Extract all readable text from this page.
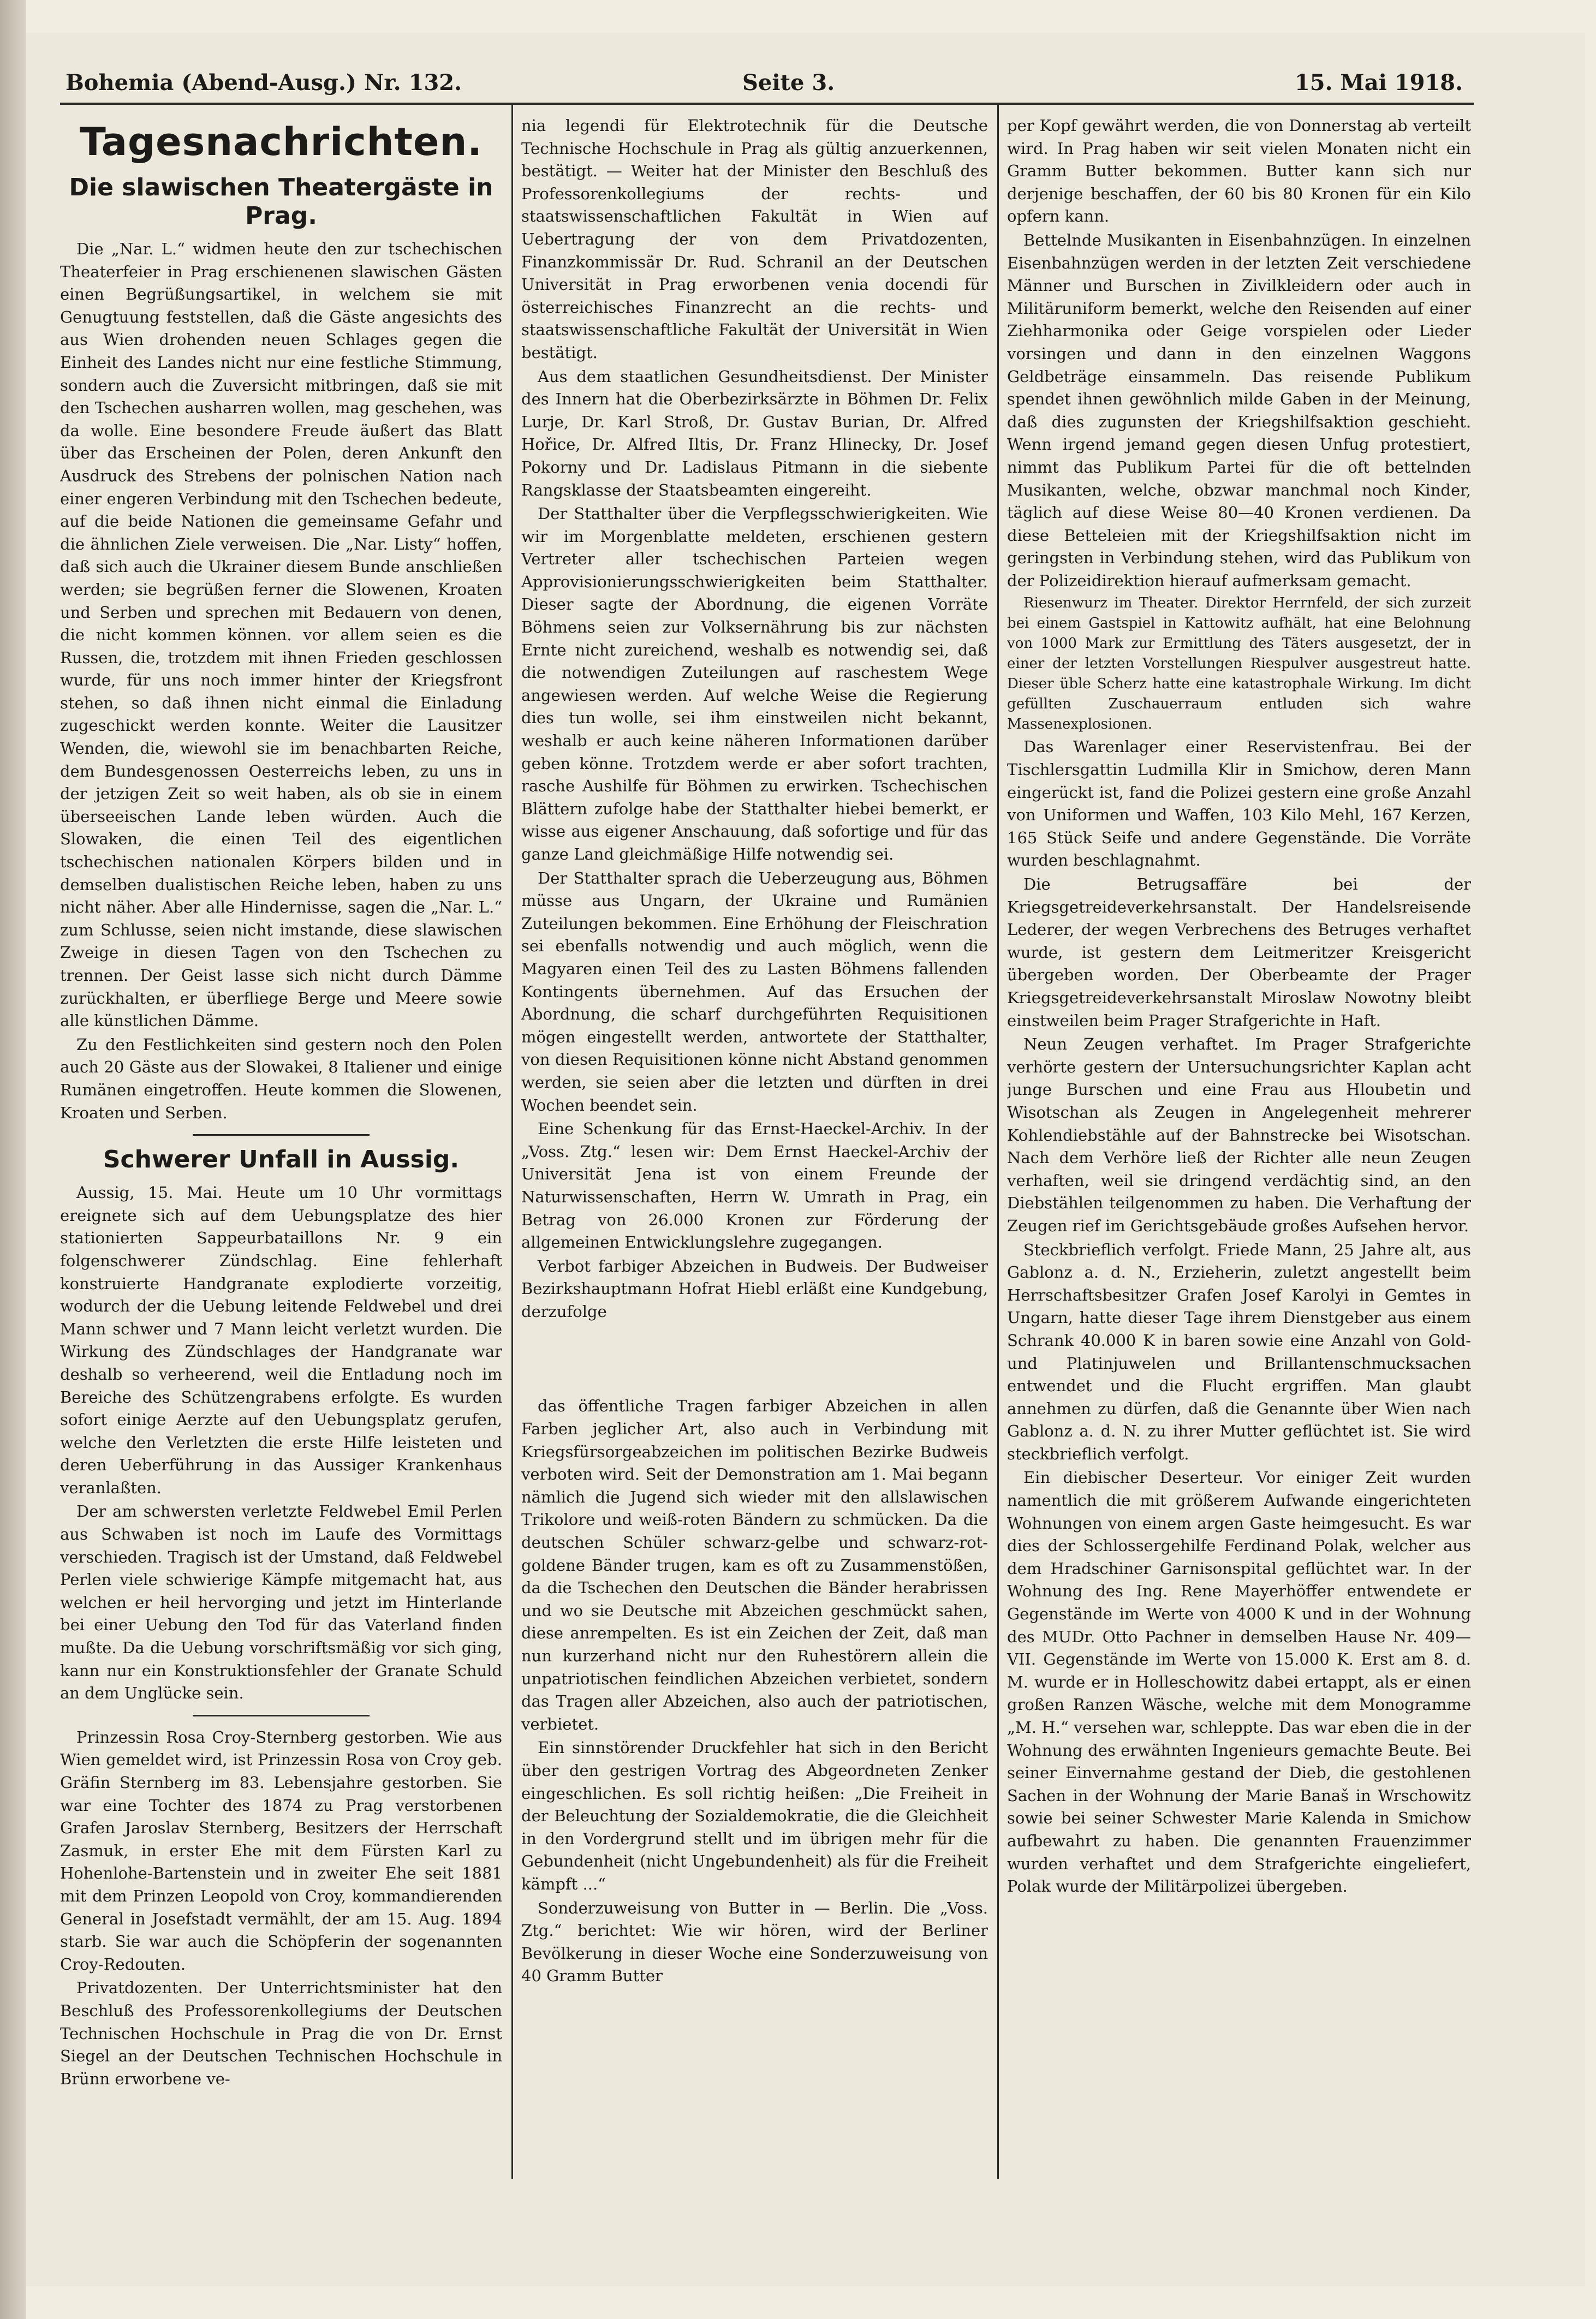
Bohemia (Abend-Ausg.) Nr. 132.	Seite 3.	15. Mai 1918.
Tagesnachrichten.
Die slawischen Theatergäste in Prag.

Die „Nar. L.“ widmen heute den zur tschechischen Theaterfeier in Prag erschienenen slawischen Gästen einen Begrüßungsartikel, in welchem sie mit Genugtuung feststellen, daß die Gäste angesichts des aus Wien drohenden neuen Schlages gegen die Einheit des Landes nicht nur eine festliche Stimmung, sondern auch die Zuversicht mitbringen, daß sie mit den Tschechen ausharren wollen, mag geschehen, was da wolle. Eine besondere Freude äußert das Blatt über das Erscheinen der Polen, deren Ankunft den Ausdruck des Strebens der polnischen Nation nach einer engeren Verbindung mit den Tschechen bedeute, auf die beide Nationen die gemeinsame Gefahr und die ähnlichen Ziele verweisen. Die „Nar. Listy“ hoffen, daß sich auch die Ukrainer diesem Bunde anschließen werden; sie begrüßen ferner die Slowenen, Kroaten und Serben und sprechen mit Bedauern von denen, die nicht kommen können. vor allem seien es die Russen, die, trotzdem mit ihnen Frieden geschlossen wurde, für uns noch immer hinter der Kriegsfront stehen, so daß ihnen nicht einmal die Einladung zugeschickt werden konnte. Weiter die Lausitzer Wenden, die, wiewohl sie im benachbarten Reiche, dem Bundesgenossen Oesterreichs leben, zu uns in der jetzigen Zeit so weit haben, als ob sie in einem überseeischen Lande leben würden. Auch die Slowaken, die einen Teil des eigentlichen tschechischen nationalen Körpers bilden und in demselben dualistischen Reiche leben, haben zu uns nicht näher. Aber alle Hindernisse, sagen die „Nar. L.“ zum Schlusse, seien nicht imstande, diese slawischen Zweige in diesen Tagen von den Tschechen zu trennen. Der Geist lasse sich nicht durch Dämme zurückhalten, er überfliege Berge und Meere sowie alle künstlichen Dämme.

Zu den Festlichkeiten sind gestern noch den Polen auch 20 Gäste aus der Slowakei, 8 Italiener und einige Rumänen eingetroffen. Heute kommen die Slowenen, Kroaten und Serben.

Schwerer Unfall in Aussig.

Aussig, 15. Mai. Heute um 10 Uhr vormittags ereignete sich auf dem Uebungsplatze des hier stationierten Sappeurbataillons Nr. 9 ein folgenschwerer Zündschlag. Eine fehlerhaft konstruierte Handgranate explodierte vorzeitig, wodurch der die Uebung leitende Feldwebel und drei Mann schwer und 7 Mann leicht verletzt wurden. Die Wirkung des Zündschlages der Handgranate war deshalb so verheerend, weil die Entladung noch im Bereiche des Schützengrabens erfolgte. Es wurden sofort einige Aerzte auf den Uebungsplatz gerufen, welche den Verletzten die erste Hilfe leisteten und deren Ueberführung in das Aussiger Krankenhaus veranlaßten.

Der am schwersten verletzte Feldwebel Emil Perlen aus Schwaben ist noch im Laufe des Vormittags verschieden. Tragisch ist der Umstand, daß Feldwebel Perlen viele schwierige Kämpfe mitgemacht hat, aus welchen er heil hervorging und jetzt im Hinterlande bei einer Uebung den Tod für das Vaterland finden mußte. Da die Uebung vorschriftsmäßig vor sich ging, kann nur ein Konstruktionsfehler der Granate Schuld an dem Unglücke sein.

Prinzessin Rosa Croy-Sternberg gestorben. Wie aus Wien gemeldet wird, ist Prinzessin Rosa von Croy geb. Gräfin Sternberg im 83. Lebensjahre gestorben. Sie war eine Tochter des 1874 zu Prag verstorbenen Grafen Jaroslav Sternberg, Besitzers der Herrschaft Zasmuk, in erster Ehe mit dem Fürsten Karl zu Hohenlohe-Bartenstein und in zweiter Ehe seit 1881 mit dem Prinzen Leopold von Croy, kommandierenden General in Josefstadt vermählt, der am 15. Aug. 1894 starb. Sie war auch die Schöpferin der sogenannten Croy-Redouten.

Privatdozenten. Der Unterrichtsminister hat den Beschluß des Professorenkollegiums der Deutschen Technischen Hochschule in Prag die von Dr. Ernst Siegel an der Deutschen Technischen Hochschule in Brünn erworbene ve-

nia legendi für Elektrotechnik für die Deutsche Technische Hochschule in Prag als gültig anzuerkennen, bestätigt. — Weiter hat der Minister den Beschluß des Professorenkollegiums der rechts- und staatswissenschaftlichen Fakultät in Wien auf Uebertragung der von dem Privatdozenten, Finanzkommissär Dr. Rud. Schranil an der Deutschen Universität in Prag erworbenen venia docendi für österreichisches Finanzrecht an die rechts- und staatswissenschaftliche Fakultät der Universität in Wien bestätigt.

Aus dem staatlichen Gesundheitsdienst. Der Minister des Innern hat die Oberbezirksärzte in Böhmen Dr. Felix Lurje, Dr. Karl Stroß, Dr. Gustav Burian, Dr. Alfred Hořice, Dr. Alfred Iltis, Dr. Franz Hlinecky, Dr. Josef Pokorny und Dr. Ladislaus Pitmann in die siebente Rangsklasse der Staatsbeamten eingereiht.

Der Statthalter über die Verpflegsschwierigkeiten. Wie wir im Morgenblatte meldeten, erschienen gestern Vertreter aller tschechischen Parteien wegen Approvisionierungsschwierigkeiten beim Statthalter. Dieser sagte der Abordnung, die eigenen Vorräte Böhmens seien zur Volksernährung bis zur nächsten Ernte nicht zureichend, weshalb es notwendig sei, daß die notwendigen Zuteilungen auf raschestem Wege angewiesen werden. Auf welche Weise die Regierung dies tun wolle, sei ihm einstweilen nicht bekannt, weshalb er auch keine näheren Informationen darüber geben könne. Trotzdem werde er aber sofort trachten, rasche Aushilfe für Böhmen zu erwirken. Tschechischen Blättern zufolge habe der Statthalter hiebei bemerkt, er wisse aus eigener Anschauung, daß sofortige und für das ganze Land gleichmäßige Hilfe notwendig sei.

Der Statthalter sprach die Ueberzeugung aus, Böhmen müsse aus Ungarn, der Ukraine und Rumänien Zuteilungen bekommen. Eine Erhöhung der Fleischration sei ebenfalls notwendig und auch möglich, wenn die Magyaren einen Teil des zu Lasten Böhmens fallenden Kontingents übernehmen. Auf das Ersuchen der Abordnung, die scharf durchgeführten Requisitionen mögen eingestellt werden, antwortete der Statthalter, von diesen Requisitionen könne nicht Abstand genommen werden, sie seien aber die letzten und dürften in drei Wochen beendet sein.

Eine Schenkung für das Ernst-Haeckel-Archiv. In der „Voss. Ztg.“ lesen wir: Dem Ernst Haeckel-Archiv der Universität Jena ist von einem Freunde der Naturwissenschaften, Herrn W. Umrath in Prag, ein Betrag von 26.000 Kronen zur Förderung der allgemeinen Entwicklungslehre zugegangen.

Verbot farbiger Abzeichen in Budweis. Der Budweiser Bezirkshauptmann Hofrat Hiebl erläßt eine Kundgebung, derzufolge

das öffentliche Tragen farbiger Abzeichen in allen Farben jeglicher Art, also auch in Verbindung mit Kriegsfürsorgeabzeichen im politischen Bezirke Budweis verboten wird. Seit der Demonstration am 1. Mai begann nämlich die Jugend sich wieder mit den allslawischen Trikolore und weiß-roten Bändern zu schmücken. Da die deutschen Schüler schwarz-gelbe und schwarz-rot-goldene Bänder trugen, kam es oft zu Zusammenstößen, da die Tschechen den Deutschen die Bänder herabrissen und wo sie Deutsche mit Abzeichen geschmückt sahen, diese anrempelten. Es ist ein Zeichen der Zeit, daß man nun kurzerhand nicht nur den Ruhestörern allein die unpatriotischen feindlichen Abzeichen verbietet, sondern das Tragen aller Abzeichen, also auch der patriotischen, verbietet.

Ein sinnstörender Druckfehler hat sich in den Bericht über den gestrigen Vortrag des Abgeordneten Zenker eingeschlichen. Es soll richtig heißen: „Die Freiheit in der Beleuchtung der Sozialdemokratie, die die Gleichheit in den Vordergrund stellt und im übrigen mehr für die Gebundenheit (nicht Ungebundenheit) als für die Freiheit kämpft ...“

Sonderzuweisung von Butter in — Berlin. Die „Voss. Ztg.“ berichtet: Wie wir hören, wird der Berliner Bevölkerung in dieser Woche eine Sonderzuweisung von 40 Gramm Butter

per Kopf gewährt werden, die von Donnerstag ab verteilt wird. In Prag haben wir seit vielen Monaten nicht ein Gramm Butter bekommen. Butter kann sich nur derjenige beschaffen, der 60 bis 80 Kronen für ein Kilo opfern kann.

Bettelnde Musikanten in Eisenbahnzügen. In einzelnen Eisenbahnzügen werden in der letzten Zeit verschiedene Männer und Burschen in Zivilkleidern oder auch in Militäruniform bemerkt, welche den Reisenden auf einer Ziehharmonika oder Geige vorspielen oder Lieder vorsingen und dann in den einzelnen Waggons Geldbeträge einsammeln. Das reisende Publikum spendet ihnen gewöhnlich milde Gaben in der Meinung, daß dies zugunsten der Kriegshilfsaktion geschieht. Wenn irgend jemand gegen diesen Unfug protestiert, nimmt das Publikum Partei für die oft bettelnden Musikanten, welche, obzwar manchmal noch Kinder, täglich auf diese Weise 80—40 Kronen verdienen. Da diese Betteleien mit der Kriegshilfsaktion nicht im geringsten in Verbindung stehen, wird das Publikum von der Polizeidirektion hierauf aufmerksam gemacht.

Riesenwurz im Theater. Direktor Herrnfeld, der sich zurzeit bei einem Gastspiel in Kattowitz aufhält, hat eine Belohnung von 1000 Mark zur Ermittlung des Täters ausgesetzt, der in einer der letzten Vorstellungen Riespulver ausgestreut hatte. Dieser üble Scherz hatte eine katastrophale Wirkung. Im dicht gefüllten Zuschauerraum entluden sich wahre Massenexplosionen.

Das Warenlager einer Reservistenfrau. Bei der Tischlersgattin Ludmilla Klir in Smichow, deren Mann eingerückt ist, fand die Polizei gestern eine große Anzahl von Uniformen und Waffen, 103 Kilo Mehl, 167 Kerzen, 165 Stück Seife und andere Gegenstände. Die Vorräte wurden beschlagnahmt.

Die Betrugsaffäre bei der Kriegsgetreideverkehrsanstalt. Der Handelsreisende Lederer, der wegen Verbrechens des Betruges verhaftet wurde, ist gestern dem Leitmeritzer Kreisgericht übergeben worden. Der Oberbeamte der Prager Kriegsgetreideverkehrsanstalt Miroslaw Nowotny bleibt einstweilen beim Prager Strafgerichte in Haft.

Neun Zeugen verhaftet. Im Prager Strafgerichte verhörte gestern der Untersuchungsrichter Kaplan acht junge Burschen und eine Frau aus Hloubetin und Wisotschan als Zeugen in Angelegenheit mehrerer Kohlendiebstähle auf der Bahnstrecke bei Wisotschan. Nach dem Verhöre ließ der Richter alle neun Zeugen verhaften, weil sie dringend verdächtig sind, an den Diebstählen teilgenommen zu haben. Die Verhaftung der Zeugen rief im Gerichtsgebäude großes Aufsehen hervor.

Steckbrieflich verfolgt. Friede Mann, 25 Jahre alt, aus Gablonz a. d. N., Erzieherin, zuletzt angestellt beim Herrschaftsbesitzer Grafen Josef Karolyi in Gemtes in Ungarn, hatte dieser Tage ihrem Dienstgeber aus einem Schrank 40.000 K in baren sowie eine Anzahl von Gold- und Platinjuwelen und Brillantenschmucksachen entwendet und die Flucht ergriffen. Man glaubt annehmen zu dürfen, daß die Genannte über Wien nach Gablonz a. d. N. zu ihrer Mutter geflüchtet ist. Sie wird steckbrieflich verfolgt.

Ein diebischer Deserteur. Vor einiger Zeit wurden namentlich die mit größerem Aufwande eingerichteten Wohnungen von einem argen Gaste heimgesucht. Es war dies der Schlossergehilfe Ferdinand Polak, welcher aus dem Hradschiner Garnisonspital geflüchtet war. In der Wohnung des Ing. Rene Mayerhöffer entwendete er Gegenstände im Werte von 4000 K und in der Wohnung des MUDr. Otto Pachner in demselben Hause Nr. 409—VII. Gegenstände im Werte von 15.000 K. Erst am 8. d. M. wurde er in Holleschowitz dabei ertappt, als er einen großen Ranzen Wäsche, welche mit dem Monogramme „M. H.“ versehen war, schleppte. Das war eben die in der Wohnung des erwähnten Ingenieurs gemachte Beute. Bei seiner Einvernahme gestand der Dieb, die gestohlenen Sachen in der Wohnung der Marie Banaš in Wrschowitz sowie bei seiner Schwester Marie Kalenda in Smichow aufbewahrt zu haben. Die genannten Frauenzimmer wurden verhaftet und dem Strafgerichte eingeliefert, Polak wurde der Militärpolizei übergeben.
